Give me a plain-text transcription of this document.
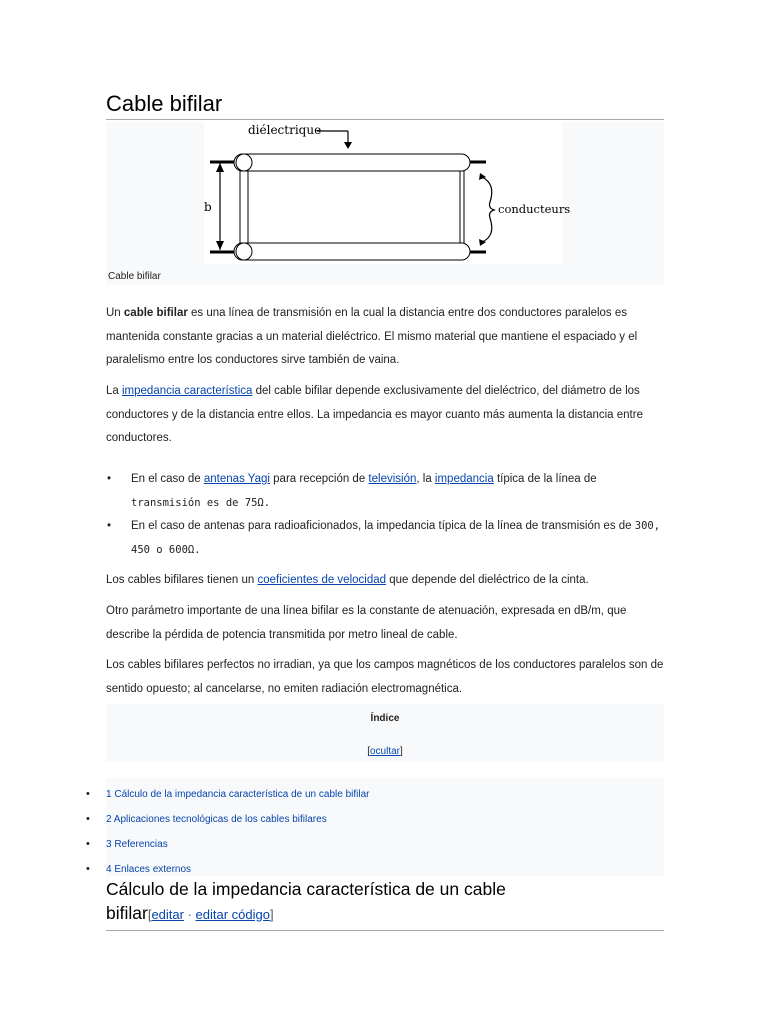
Cable bifilar
diélectrique
b	conducteurs
Cable bifilar

Un cable bifilar es una línea de transmisión en la cual la distancia entre dos conductores paralelos es mantenida constante gracias a un material dieléctrico. El mismo material que mantiene el espaciado y el paralelismo entre los conductores sirve también de vaina.

La impedancia característica del cable bifilar depende exclusivamente del dieléctrico, del diámetro de los conductores y de la distancia entre ellos. La impedancia es mayor cuanto más aumenta la distancia entre conductores.

• En el caso de antenas Yagi para recepción de televisión, la impedancia típica de la línea de transmisión es de 75Ω.
• En el caso de antenas para radioaficionados, la impedancia típica de la línea de transmisión es de 300, 450 o 600Ω.

Los cables bifilares tienen un coeficientes de velocidad que depende del dieléctrico de la cinta.

Otro parámetro importante de una línea bifilar es la constante de atenuación, expresada en dB/m, que describe la pérdida de potencia transmitida por metro lineal de cable.

Los cables bifilares perfectos no irradian, ya que los campos magnéticos de los conductores paralelos son de sentido opuesto; al cancelarse, no emiten radiación electromagnética.

Índice
[ocultar]
• 1 Cálculo de la impedancia característica de un cable bifilar
• 2 Aplicaciones tecnológicas de los cables bifilares
• 3 Referencias
• 4 Enlaces externos
Cálculo de la impedancia característica de un cable
bifilar[editar · editar código]
